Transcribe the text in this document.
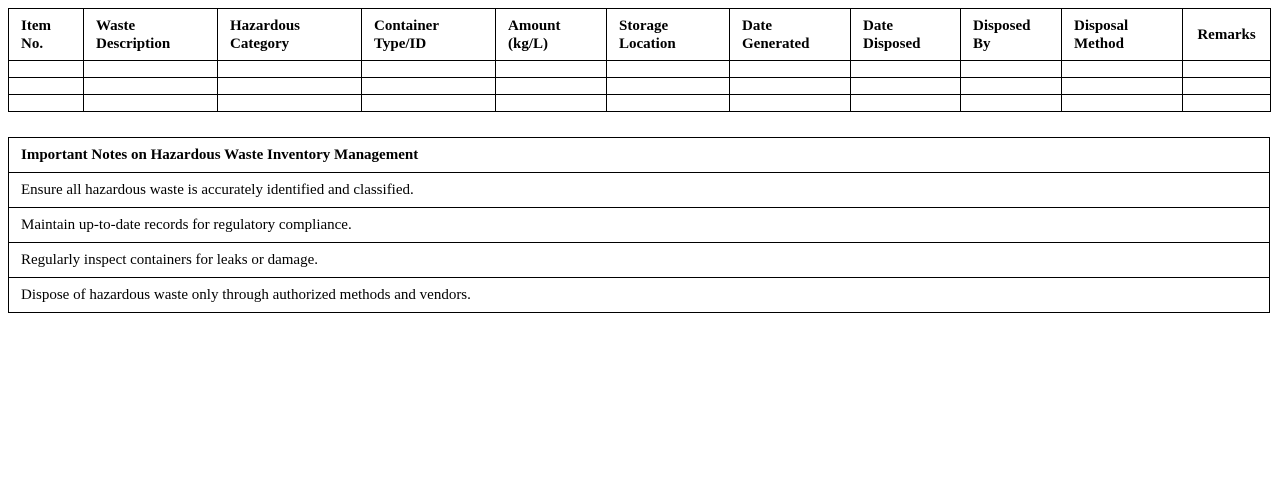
Item No.	Waste Description	Hazardous Category	Container Type/ID	Amount (kg/L)	Storage Location	Date Generated	Date Disposed	Disposed By	Disposal Method	Remarks

Important Notes on Hazardous Waste Inventory Management
Ensure all hazardous waste is accurately identified and classified.
Maintain up-to-date records for regulatory compliance.
Regularly inspect containers for leaks or damage.
Dispose of hazardous waste only through authorized methods and vendors.
